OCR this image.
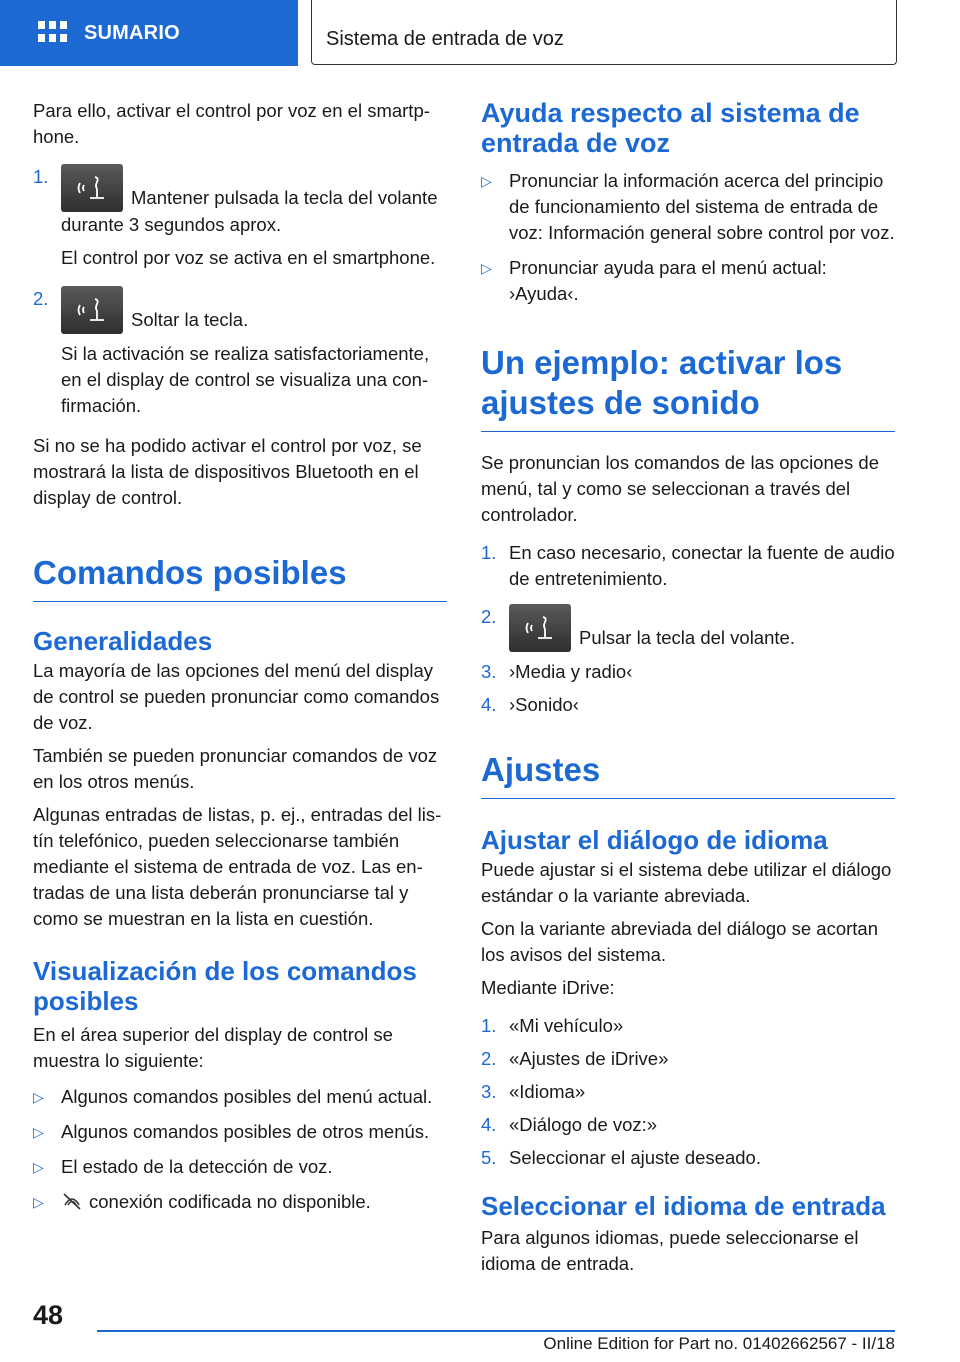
SUMARIO	Sistema de entrada de voz

Para ello, activar el control por voz en el smartphone.

1.

Mantener pulsada la tecla del volante durante 3 segundos aprox.

El control por voz se activa en el smartphone.

2.

Soltar la tecla.

Si la activación se realiza satisfactoriamente, en el display de control se visualiza una confirmación.

Si no se ha podido activar el control por voz, se mostrará la lista de dispositivos Bluetooth en el display de control.

Comandos posibles
Generalidades

La mayoría de las opciones del menú del display de control se pueden pronunciar como comandos de voz.

También se pueden pronunciar comandos de voz en los otros menús.

Algunas entradas de listas, p. ej., entradas del listín telefónico, pueden seleccionarse también mediante el sistema de entrada de voz. Las entradas de una lista deberán pronunciarse tal y como se muestran en la lista en cuestión.

Visualización de los comandos posibles

En el área superior del display de control se muestra lo siguiente:

▷ Algunos comandos posibles del menú actual.
▷ Algunos comandos posibles de otros menús.
▷ El estado de la detección de voz.
▷	conexión codificada no disponible.
Ayuda respecto al sistema de entrada de voz
▷ Pronunciar la información acerca del principio de funcionamiento del sistema de entrada de voz: Información general sobre control por voz.
▷ Pronunciar ayuda para el menú actual: ›Ayuda‹.
Un ejemplo: activar los ajustes de sonido

Se pronuncian los comandos de las opciones de menú, tal y como se seleccionan a través del controlador.

1. En caso necesario, conectar la fuente de audio de entretenimiento.
2.
Pulsar la tecla del volante.
3. ›Media y radio‹
4. ›Sonido‹
Ajustes
Ajustar el diálogo de idioma

Puede ajustar si el sistema debe utilizar el diálogo estándar o la variante abreviada.

Con la variante abreviada del diálogo se acortan los avisos del sistema.

Mediante iDrive:

1. «Mi vehículo»
2. «Ajustes de iDrive»
3. «Idioma»
4. «Diálogo de voz:»
5. Seleccionar el ajuste deseado.
Seleccionar el idioma de entrada

Para algunos idiomas, puede seleccionarse el idioma de entrada.

48
Online Edition for Part no. 01402662567 - II/18
